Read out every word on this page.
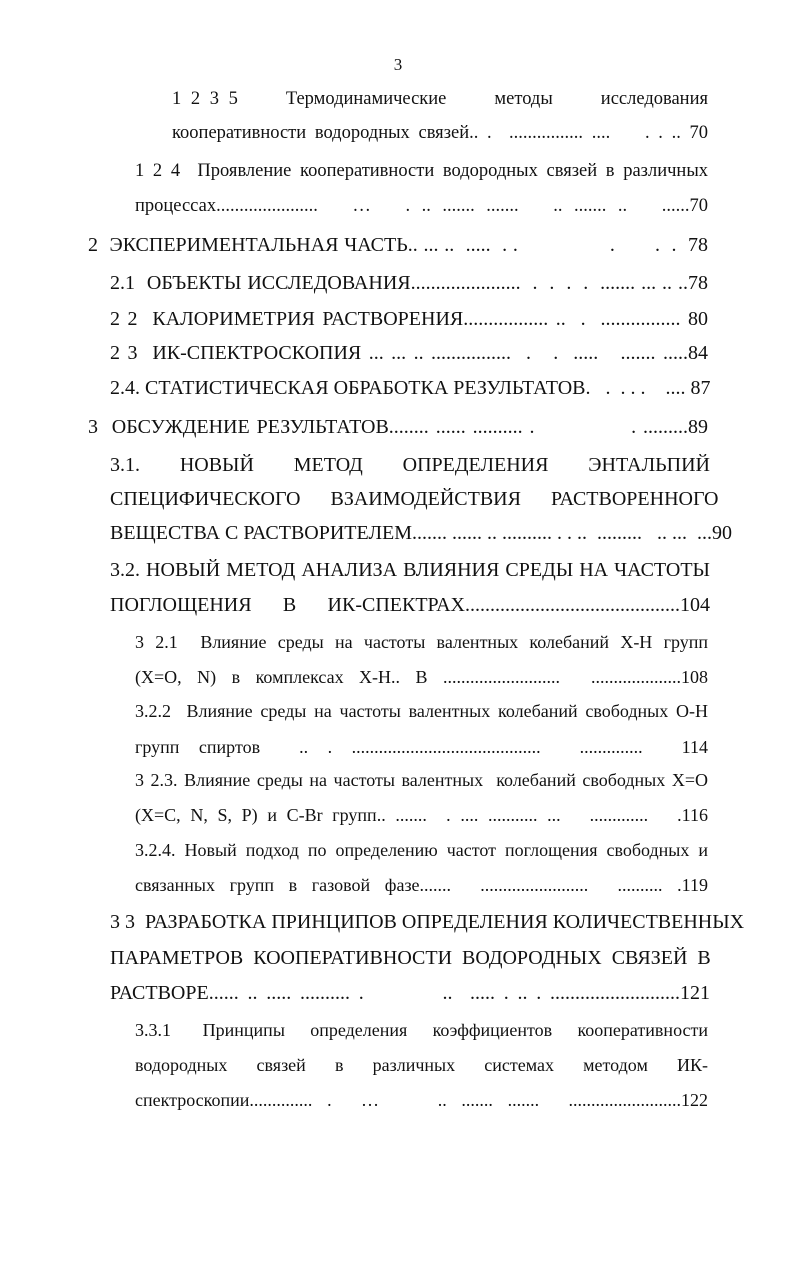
3
1 2 3 5     Термодинамические     методы     исследования
кооперативности водородных связей.. .  ................ ....    . . .. 70
1 2 4  Проявление кооперативности водородных связей в различных
процессах......................   …   . .. ....... .......   .. ....... ..   ......70
2  ЭКСПЕРИМЕНТАЛЬНАЯ ЧАСТЬ.. ... ..  .....  . .                .       .  .  78
2.1  ОБЪЕКТЫ ИССЛЕДОВАНИЯ......................  .  .  .  .  ....... ... .. ..78
2 2  КАЛОРИМЕТРИЯ РАСТВОРЕНИЯ................. ..  .  ................ 80
2 3  ИК-СПЕКТРОСКОПИЯ ... ... .. ................  .   .  .....   ....... .....84
2.4. СТАТИСТИЧЕСКАЯ ОБРАБОТКА РЕЗУЛЬТАТОВ.   .  . . .    .... 87
3  ОБСУЖДЕНИЕ РЕЗУЛЬТАТОВ........ ...... .......... .              . .........89
3.1.      НОВЫЙ      МЕТОД      ОПРЕДЕЛЕНИЯ      ЭНТАЛЬПИЙ
СПЕЦИФИЧЕСКОГО      ВЗАИМОДЕЙСТВИЯ      РАСТВОРЕННОГО
ВЕЩЕСТВА С РАСТВОРИТЕЛЕМ....... ...... .. .......... . . ..  .........   .. ...  ...90
3.2. НОВЫЙ МЕТОД АНАЛИЗА ВЛИЯНИЯ СРЕДЫ НА ЧАСТОТЫ
ПОГЛОЩЕНИЯ В ИК-СПЕКТРАХ...........................................104
3 2.1  Влияние среды на частоты валентных колебаний X-H групп
(X=O, N) в комплексах X-H.. B ..........................  ....................108
3.2.2  Влияние среды на частоты валентных колебаний свободных O-H
групп спиртов  .. . ..........................................  ..............  114
3 2.3. Влияние среды на частоты валентных  колебаний свободных X=O
(X=C, N, S, P) и C-Br групп.. .......  . .... ........... ...   .............   .116
3.2.4. Новый подход по определению частот поглощения свободных и
связанных групп в газовой фазе.......  ........................  .......... .119
3 3  РАЗРАБОТКА ПРИНЦИПОВ ОПРЕДЕЛЕНИЯ КОЛИЧЕСТВЕННЫХ
ПАРАМЕТРОВ  КООПЕРАТИВНОСТИ  ВОДОРОДНЫХ  СВЯЗЕЙ  В
РАСТВОРЕ...... .. ..... .......... .         ..  ..... . .. . ..........................121
3.3.1     Принципы    определения    коэффициентов    кооперативности
водородных     связей     в     различных     системах     методом     ИК-
спектроскопии.............. .  …    .. ....... .......  .........................122
